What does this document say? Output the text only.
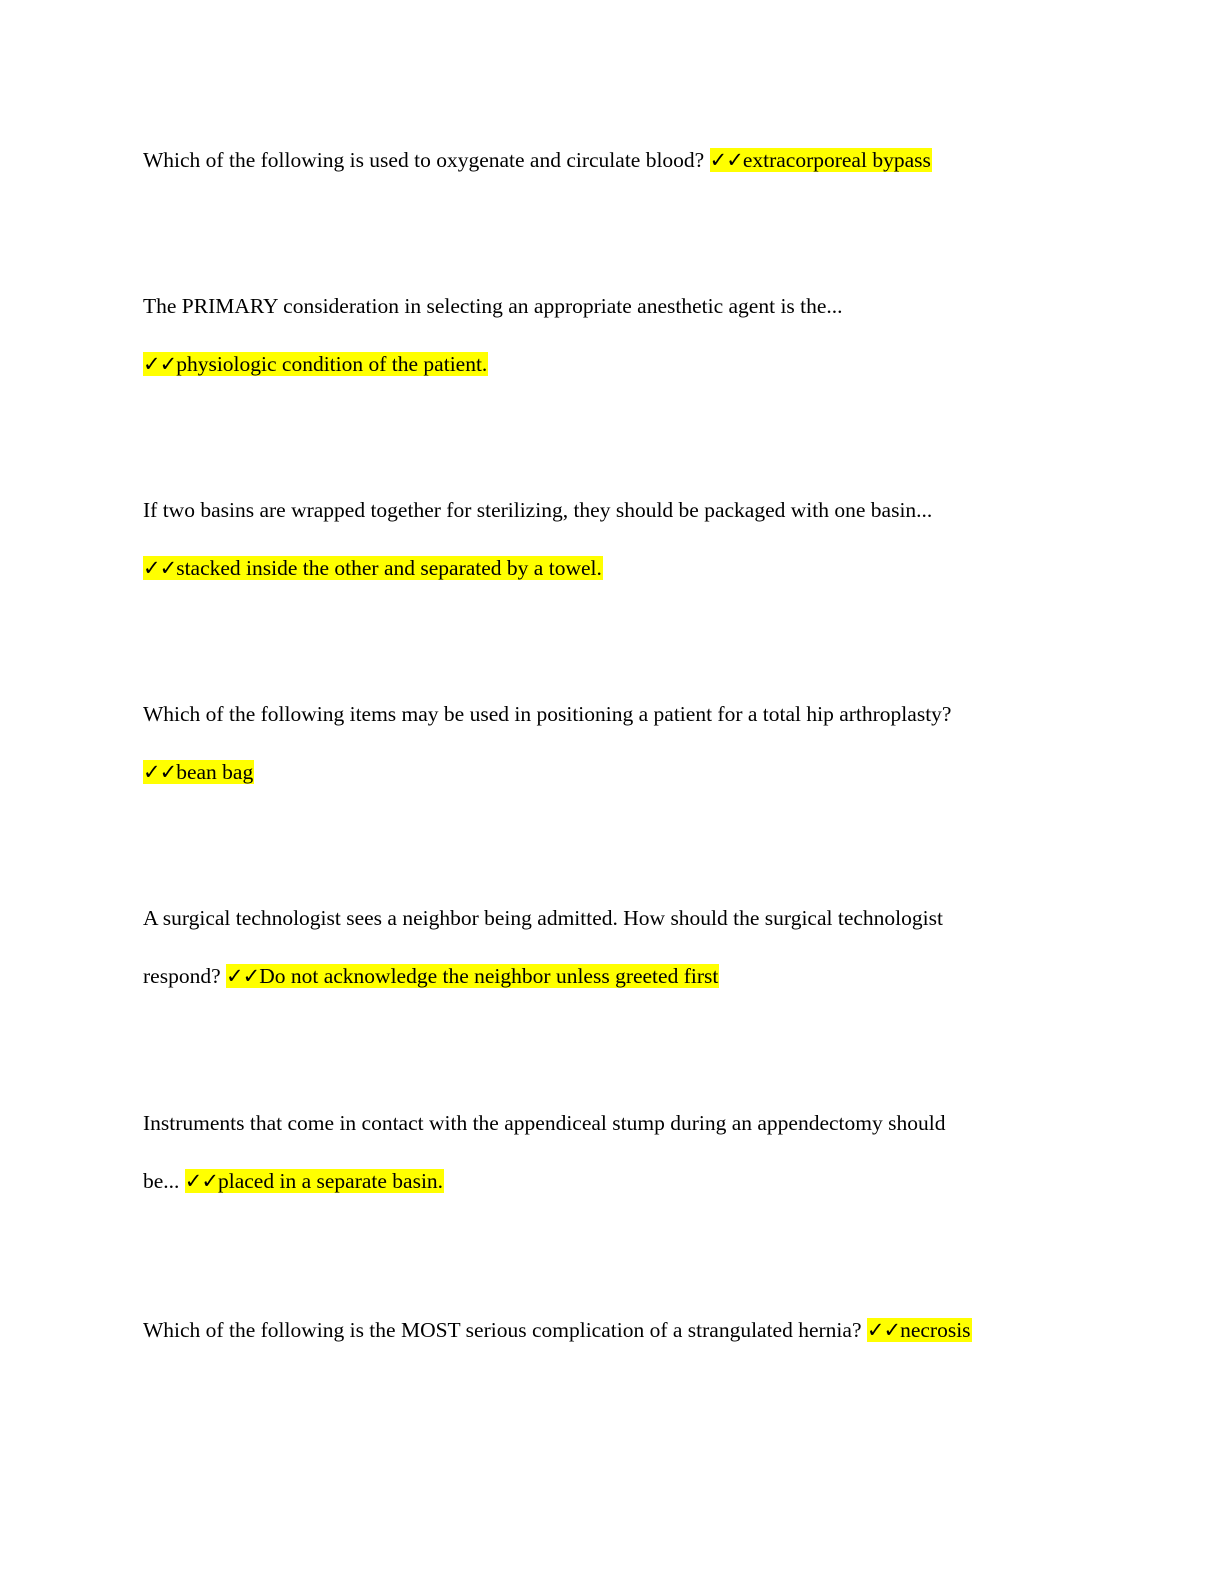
Which of the following is used to oxygenate and circulate blood? ✓✓extracorporeal bypass
The PRIMARY consideration in selecting an appropriate anesthetic agent is the...
✓✓physiologic condition of the patient.
If two basins are wrapped together for sterilizing, they should be packaged with one basin...
✓✓stacked inside the other and separated by a towel.
Which of the following items may be used in positioning a patient for a total hip arthroplasty?
✓✓bean bag
A surgical technologist sees a neighbor being admitted. How should the surgical technologist
respond? ✓✓Do not acknowledge the neighbor unless greeted first
Instruments that come in contact with the appendiceal stump during an appendectomy should
be... ✓✓placed in a separate basin.
Which of the following is the MOST serious complication of a strangulated hernia? ✓✓necrosis
